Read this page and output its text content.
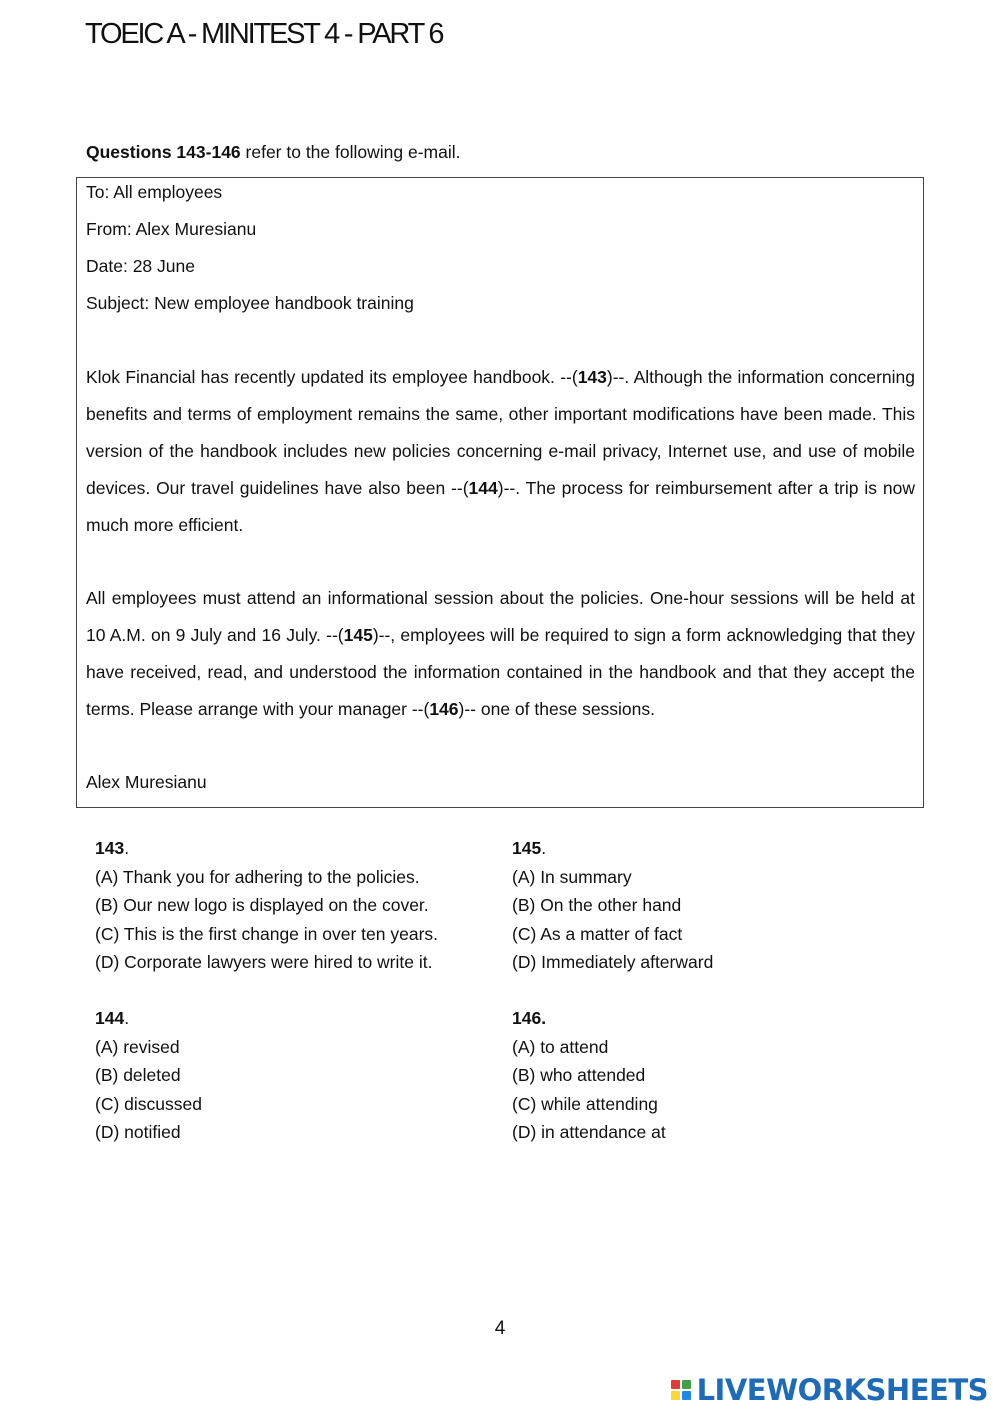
TOEIC A - MINITEST 4 - PART 6
Questions 143-146 refer to the following e-mail.
To: All employees
From: Alex Muresianu
Date: 28 June
Subject: New employee handbook training

Klok Financial has recently updated its employee handbook. --(143)--. Although the information concerning benefits and terms of employment remains the same, other important modifications have been made. This version of the handbook includes new policies concerning e-mail privacy, Internet use, and use of mobile devices. Our travel guidelines have also been --(144)--. The process for reimbursement after a trip is now much more efficient.

All employees must attend an informational session about the policies. One-hour sessions will be held at 10 A.M. on 9 July and 16 July. --(145)--, employees will be required to sign a form acknowledging that they have received, read, and understood the information contained in the handbook and that they accept the terms. Please arrange with your manager --(146)-- one of these sessions.

Alex Muresianu
143.
(A) Thank you for adhering to the policies.
(B) Our new logo is displayed on the cover.
(C) This is the first change in over ten years.
(D) Corporate lawyers were hired to write it.
144.
(A) revised
(B) deleted
(C) discussed
(D) notified
145.
(A) In summary
(B) On the other hand
(C) As a matter of fact
(D) Immediately afterward
146.
(A) to attend
(B) who attended
(C) while attending
(D) in attendance at
4
LIVEWORKSHEETS
